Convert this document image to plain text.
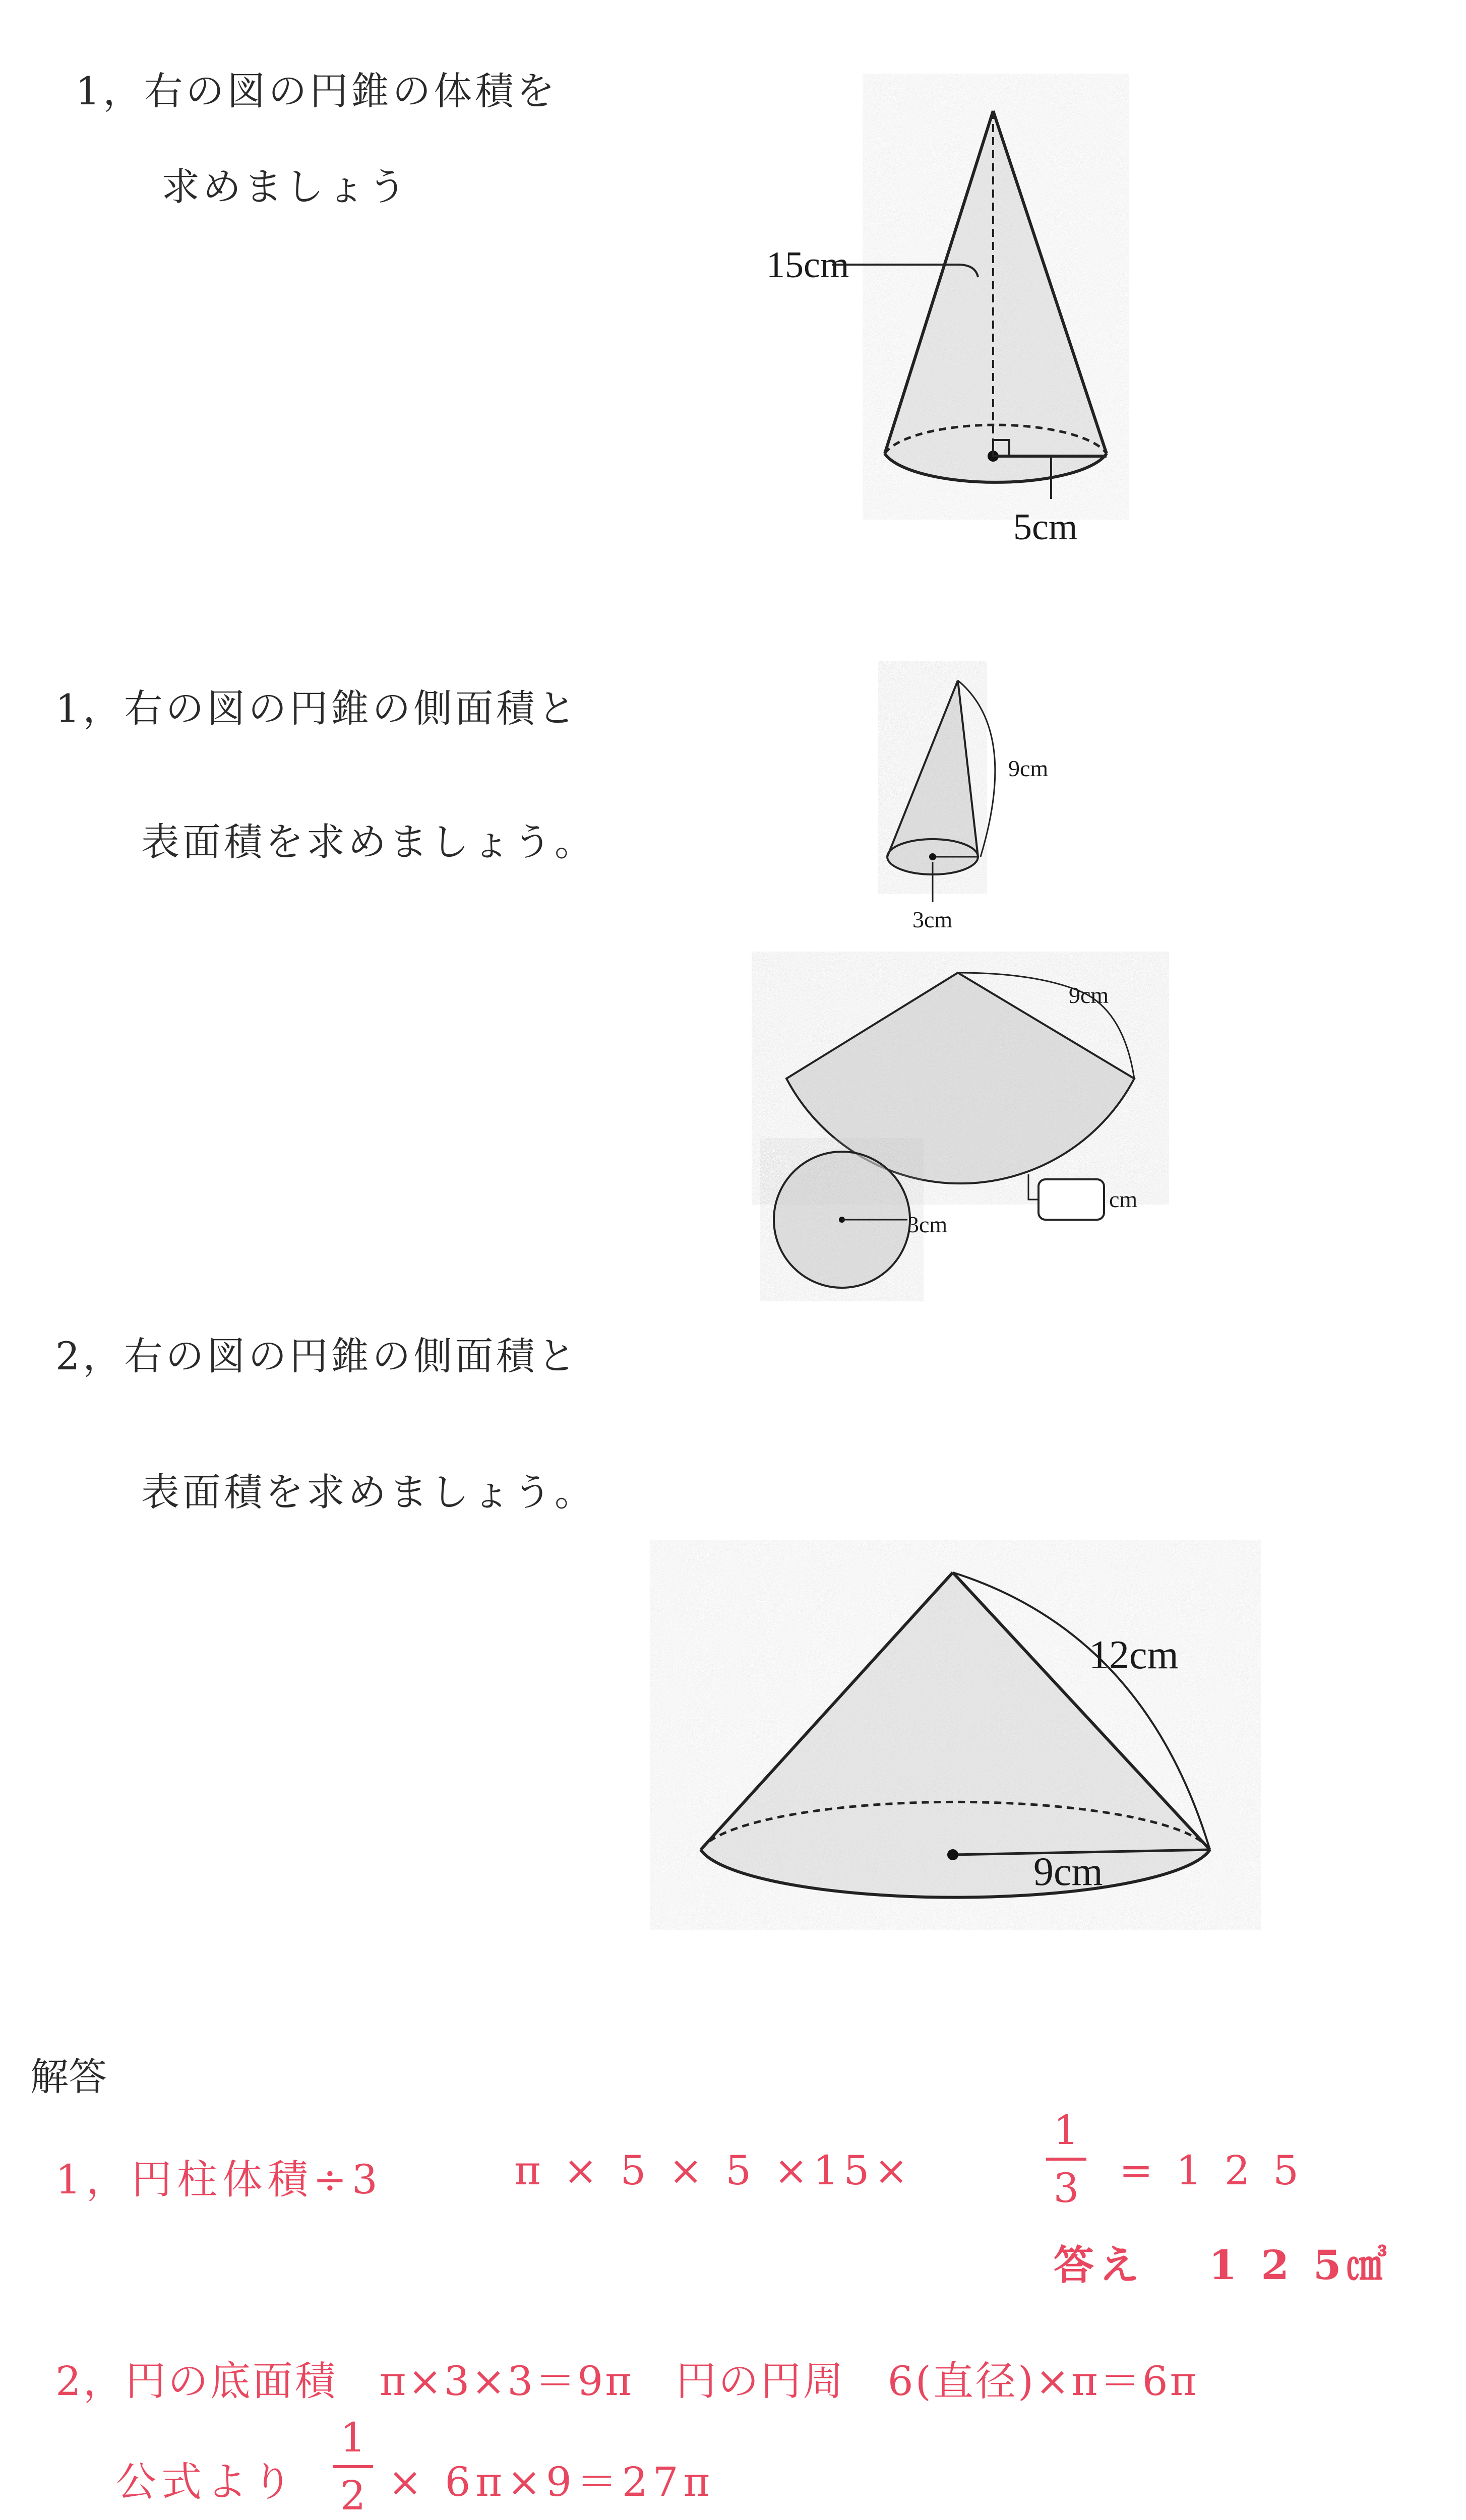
1，右の図の円錐の体積を
求めましょう
15cm
5cm
1，右の図の円錐の側面積と
表面積を求めましょう。
9cm
3cm
9cm
3cm
cm
2，右の図の円錐の側面積と
表面積を求めましょう。
12cm
9cm
解答
1，円柱体積÷3	π × 5 × 5 ×15×
1
3 = 1 2 5
答え　 1 2 5㎤
2，円の底面積　π×3×3＝9π　円の円周　6(直径)×π＝6π
公式より
1
2 × 6π×9＝27π
